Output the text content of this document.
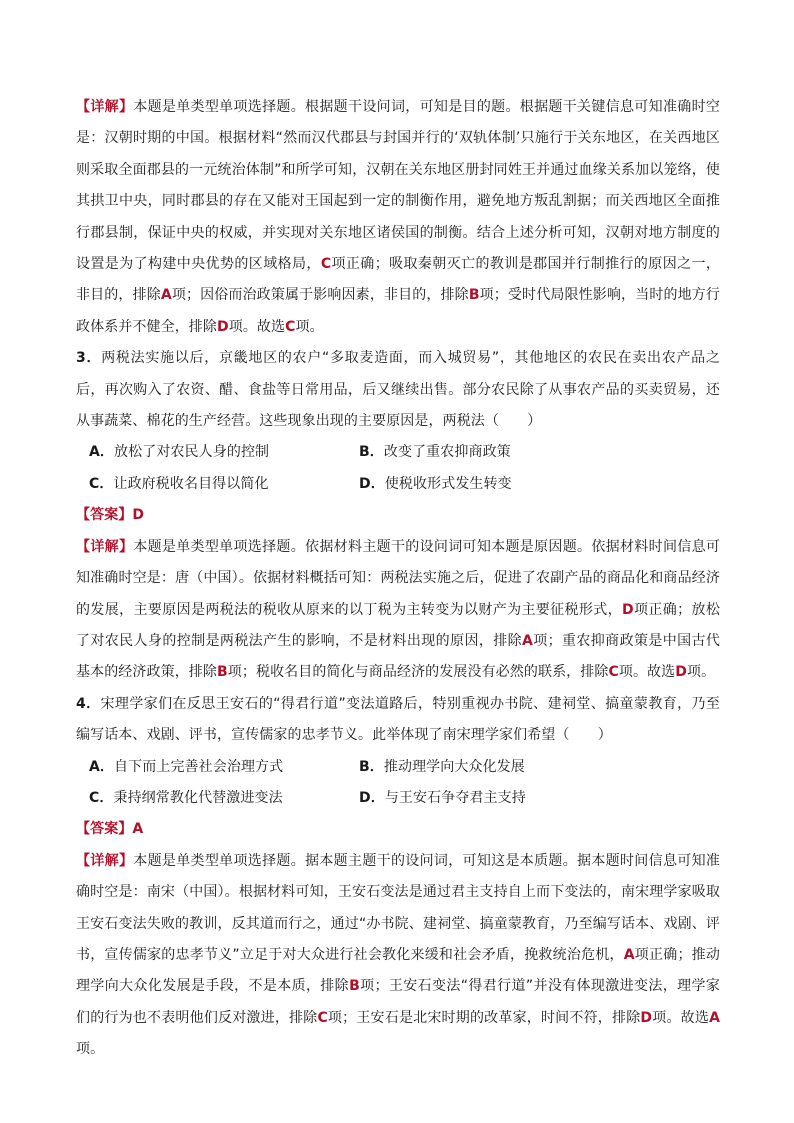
【详解】本题是单类型单项选择题。根据题干设问词，可知是目的题。根据题干关键信息可知准确时空是：汉朝时期的中国。根据材料“然而汉代郡县与封国并行的‘双轨体制’只施行于关东地区，在关西地区则采取全面郡县的一元统治体制”和所学可知，汉朝在关东地区册封同姓王并通过血缘关系加以笼络，使其拱卫中央，同时郡县的存在又能对王国起到一定的制衡作用，避免地方叛乱割据；而关西地区全面推行郡县制，保证中央的权威，并实现对关东地区诸侯国的制衡。结合上述分析可知，汉朝对地方制度的设置是为了构建中央优势的区域格局，C项正确；吸取秦朝灭亡的教训是郡国并行制推行的原因之一，非目的，排除A项；因俗而治政策属于影响因素，非目的，排除B项；受时代局限性影响，当时的地方行政体系并不健全，排除D项。故选C项。

3．两税法实施以后，京畿地区的农户“多取麦造面，而入城贸易”，其他地区的农民在卖出农产品之后，再次购入了农资、醋、食盐等日常用品，后又继续出售。部分农民除了从事农产品的买卖贸易，还从事蔬菜、棉花的生产经营。这些现象出现的主要原因是，两税法（　　）

A．放松了对农民人身的控制	B．改变了重农抑商政策
C．让政府税收名目得以简化	D．使税收形式发生转变

【答案】D

【详解】本题是单类型单项选择题。依据材料主题干的设问词可知本题是原因题。依据材料时间信息可知准确时空是：唐（中国）。依据材料概括可知：两税法实施之后，促进了农副产品的商品化和商品经济的发展，主要原因是两税法的税收从原来的以丁税为主转变为以财产为主要征税形式，D项正确；放松了对农民人身的控制是两税法产生的影响，不是材料出现的原因，排除A项；重农抑商政策是中国古代基本的经济政策，排除B项；税收名目的简化与商品经济的发展没有必然的联系，排除C项。故选D项。

4．宋理学家们在反思王安石的“得君行道”变法道路后，特别重视办书院、建祠堂、搞童蒙教育，乃至编写话本、戏剧、评书，宣传儒家的忠孝节义。此举体现了南宋理学家们希望（　　）

A．自下而上完善社会治理方式	B．推动理学向大众化发展
C．秉持纲常教化代替激进变法	D．与王安石争夺君主支持

【答案】A

【详解】本题是单类型单项选择题。据本题主题干的设问词，可知这是本质题。据本题时间信息可知准确时空是：南宋（中国）。根据材料可知，王安石变法是通过君主支持自上而下变法的，南宋理学家吸取王安石变法失败的教训，反其道而行之，通过“办书院、建祠堂、搞童蒙教育，乃至编写话本、戏剧、评书，宣传儒家的忠孝节义”立足于对大众进行社会教化来缓和社会矛盾，挽救统治危机，A项正确；推动理学向大众化发展是手段，不是本质，排除B项；王安石变法“得君行道”并没有体现激进变法，理学家们的行为也不表明他们反对激进，排除C项；王安石是北宋时期的改革家，时间不符，排除D项。故选A项。
